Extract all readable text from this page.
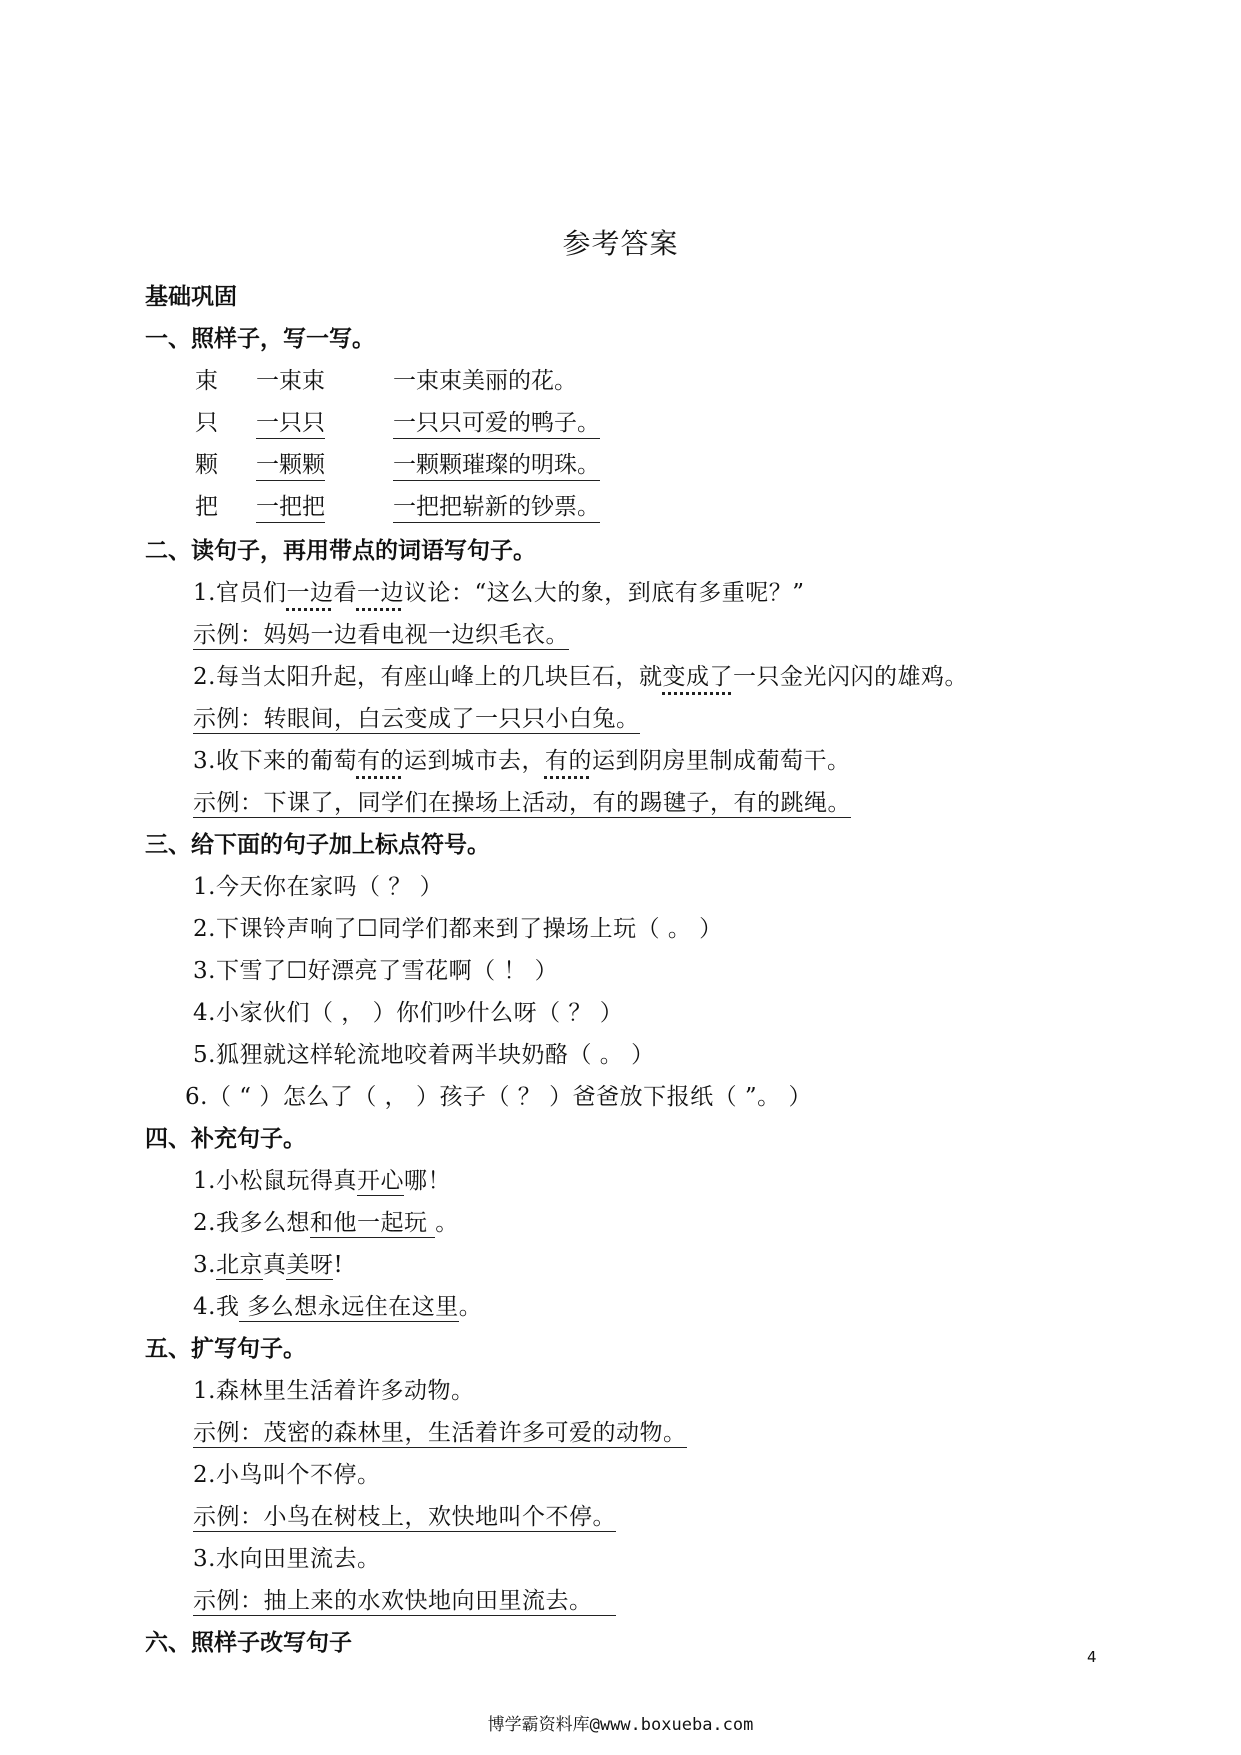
参考答案
基础巩固
一、照样子，写一写。
束 一束束	一束束美丽的花。
只 一只只	一只只可爱的鸭子。
颗 一颗颗	一颗颗璀璨的明珠。
把 一把把	一把把崭新的钞票。
二、读句子，再用带点的词语写句子。
1.官员们一边看一边议论：“这么大的象，到底有多重呢？”
示例：妈妈一边看电视一边织毛衣。
2.每当太阳升起，有座山峰上的几块巨石，就变成了一只金光闪闪的雄鸡。
示例：转眼间，白云变成了一只只小白兔。
3.收下来的葡萄有的运到城市去，有的运到阴房里制成葡萄干。
示例：下课了，同学们在操场上活动，有的踢毽子，有的跳绳。
三、给下面的句子加上标点符号。
1.今天你在家吗（ ？ ）
2.下课铃声响了☐同学们都来到了操场上玩（ 。 ）
3.下雪了☐好漂亮了雪花啊（ ！ ）
4.小家伙们（ ， ）你们吵什么呀（ ？ ）
5.狐狸就这样轮流地咬着两半块奶酪（ 。 ）
6.（ “ ）怎么了（ ， ）孩子（ ？ ）爸爸放下报纸（ ”。 ）
四、补充句子。
1.小松鼠玩得真开心哪！
2.我多么想和他一起玩 。
3.北京真美呀!
4.我 多么想永远住在这里。
五、扩写句子。
1.森林里生活着许多动物。
示例：茂密的森林里，生活着许多可爱的动物。
2.小鸟叫个不停。
示例：小鸟在树枝上，欢快地叫个不停。
3.水向田里流去。
示例：抽上来的水欢快地向田里流去。
六、照样子改写句子
4
博学霸资料库@www.boxueba.com
